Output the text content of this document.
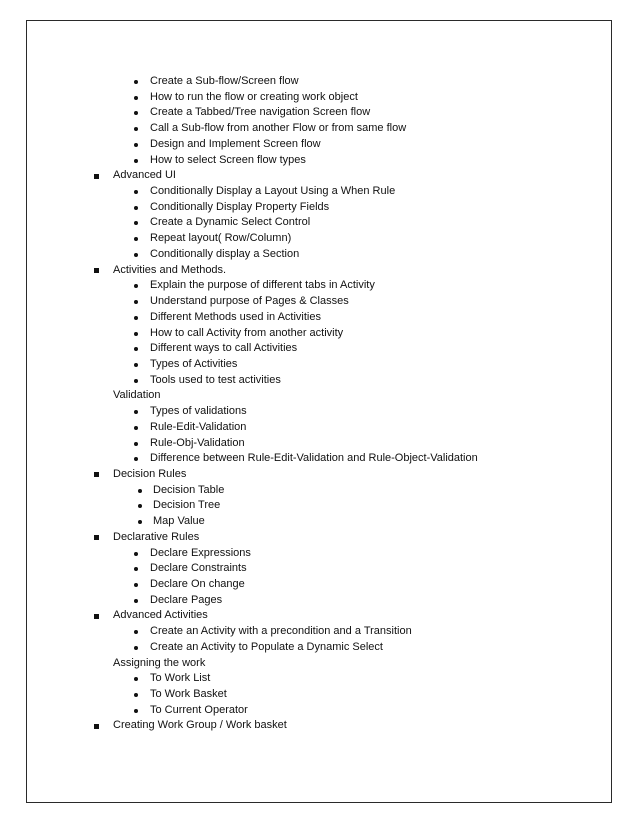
Create a Sub-flow/Screen flow
How to run the flow or creating work object
Create a Tabbed/Tree navigation Screen flow
Call a Sub-flow from another Flow or from same flow
Design and Implement Screen flow
How to select Screen flow types
Advanced UI
Conditionally Display a Layout Using a When Rule
Conditionally Display Property Fields
Create a Dynamic Select Control
Repeat layout( Row/Column)
Conditionally display a Section
Activities and Methods.
Explain the purpose of different tabs in Activity
Understand purpose of Pages & Classes
Different Methods used in Activities
How to call Activity from another activity
Different ways to call Activities
Types of Activities
Tools used to test activities
Validation
Types of validations
Rule-Edit-Validation
Rule-Obj-Validation
Difference between Rule-Edit-Validation and Rule-Object-Validation
Decision Rules
Decision Table
Decision Tree
Map Value
Declarative Rules
Declare Expressions
Declare Constraints
Declare On change
Declare Pages
Advanced Activities
Create an Activity with a precondition and a Transition
Create an Activity to Populate a Dynamic Select
Assigning the work
To Work List
To Work Basket
To Current Operator
Creating Work Group / Work basket
